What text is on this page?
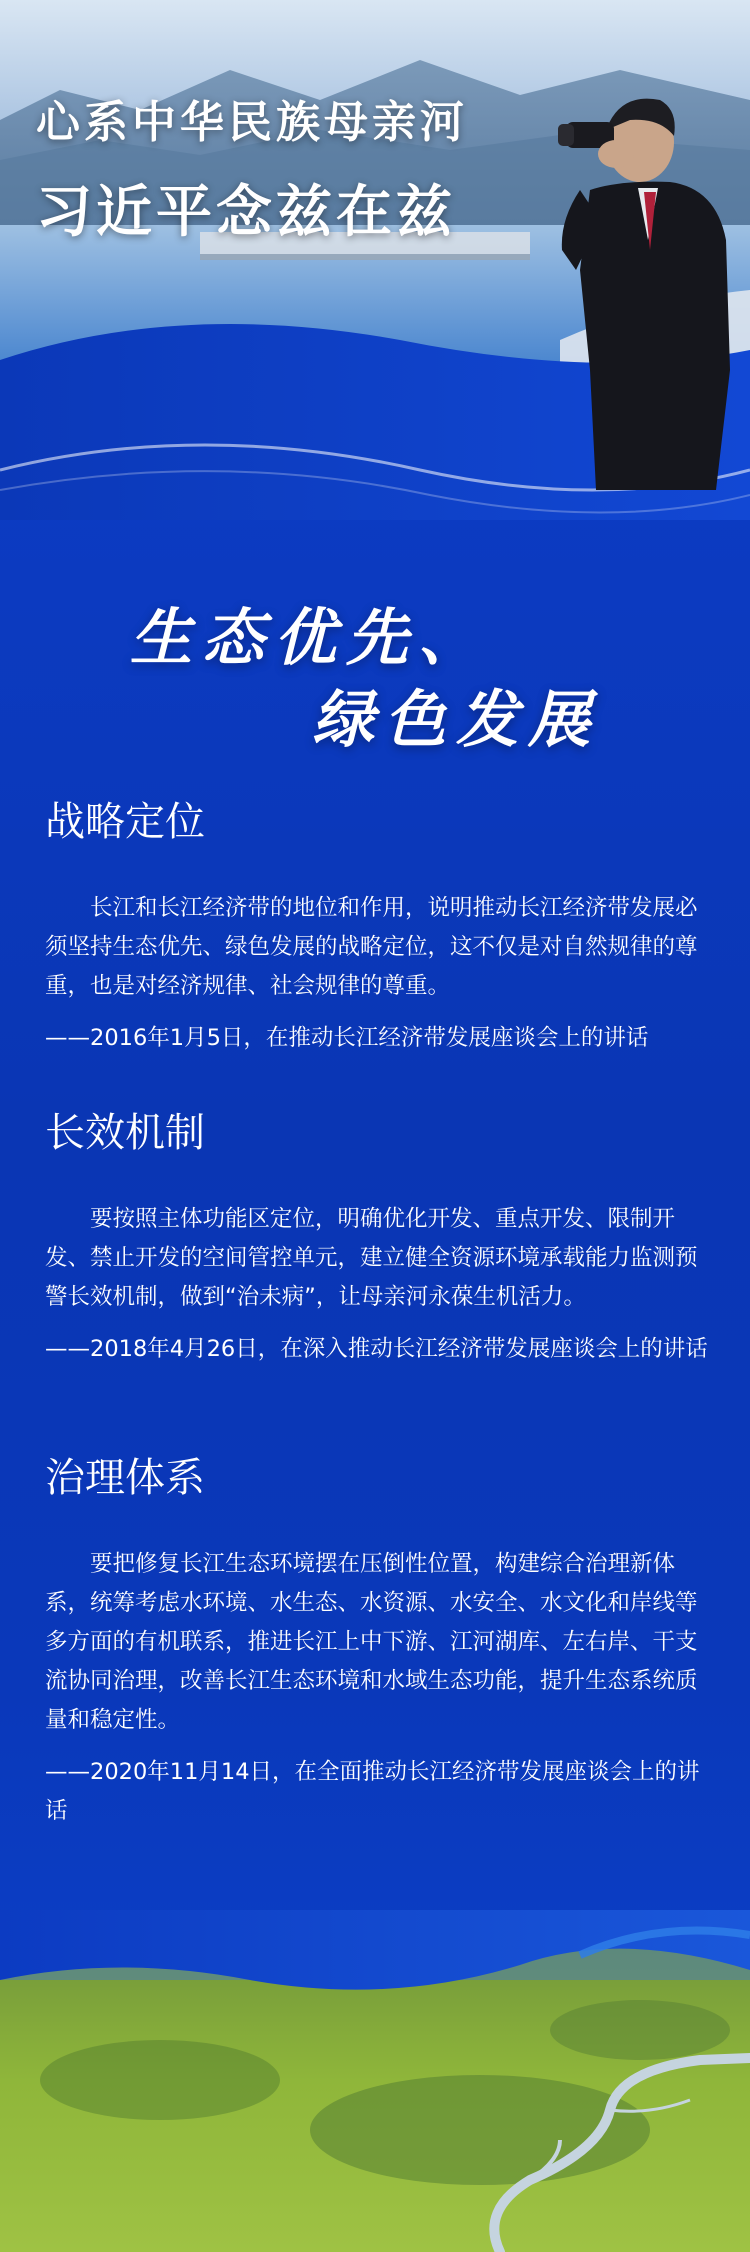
心系中华民族母亲河
习近平念兹在兹
生态优先、
绿色发展
战略定位

长江和长江经济带的地位和作用，说明推动长江经济带发展必须坚持生态优先、绿色发展的战略定位，这不仅是对自然规律的尊重，也是对经济规律、社会规律的尊重。

——2016年1月5日，在推动长江经济带发展座谈会上的讲话

长效机制

要按照主体功能区定位，明确优化开发、重点开发、限制开发、禁止开发的空间管控单元，建立健全资源环境承载能力监测预警长效机制，做到“治未病”，让母亲河永葆生机活力。

——2018年4月26日，在深入推动长江经济带发展座谈会上的讲话

治理体系

要把修复长江生态环境摆在压倒性位置，构建综合治理新体系，统筹考虑水环境、水生态、水资源、水安全、水文化和岸线等多方面的有机联系，推进长江上中下游、江河湖库、左右岸、干支流协同治理，改善长江生态环境和水域生态功能，提升生态系统质量和稳定性。

——2020年11月14日，在全面推动长江经济带发展座谈会上的讲话
